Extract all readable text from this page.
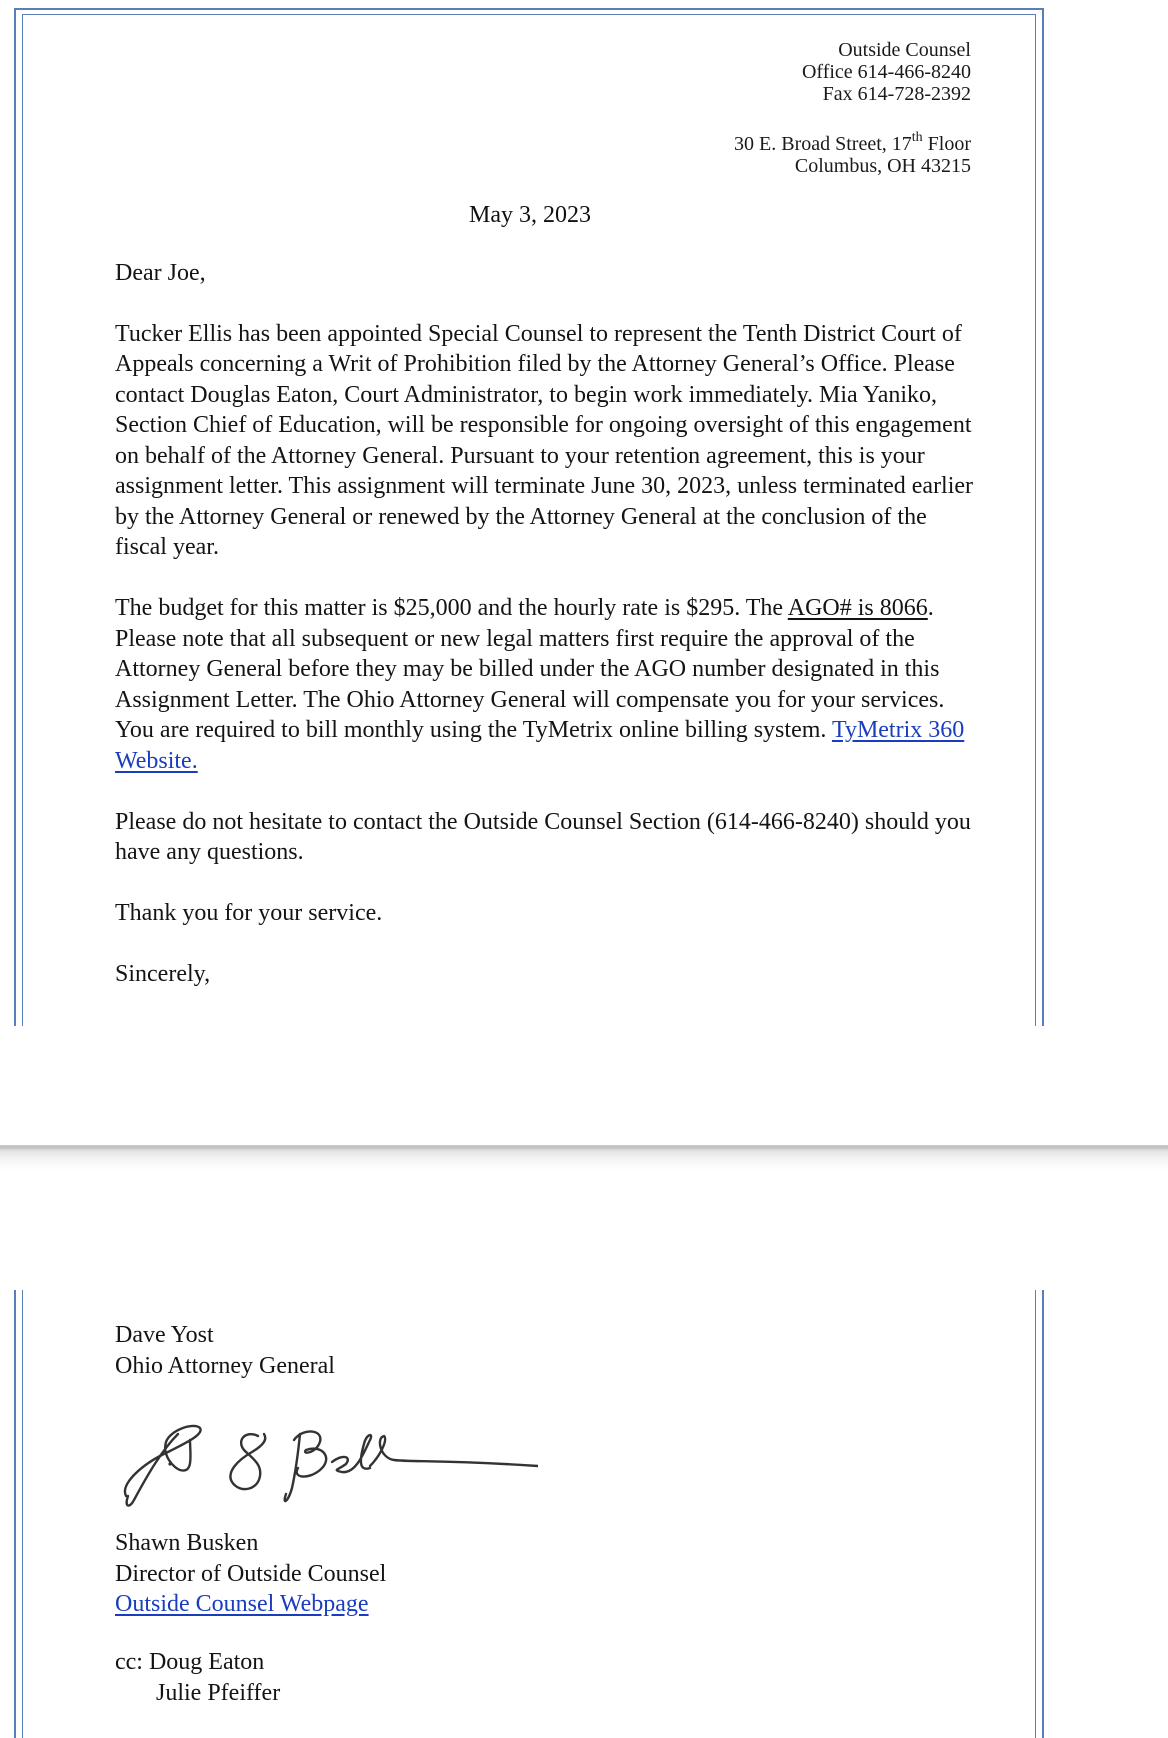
Outside Counsel
Office 614-466-8240
Fax 614-728-2392
30 E. Broad Street, 17th Floor
Columbus, OH 43215
May 3, 2023

Dear Joe,

Tucker Ellis has been appointed Special Counsel to represent the Tenth District Court of Appeals concerning a Writ of Prohibition filed by the Attorney General’s Office. Please contact Douglas Eaton, Court Administrator, to begin work immediately. Mia Yaniko, Section Chief of Education, will be responsible for ongoing oversight of this engagement on behalf of the Attorney General. Pursuant to your retention agreement, this is your assignment letter. This assignment will terminate June 30, 2023, unless terminated earlier by the Attorney General or renewed by the Attorney General at the conclusion of the fiscal year.

The budget for this matter is $25,000 and the hourly rate is $295. The AGO# is 8066. Please note that all subsequent or new legal matters first require the approval of the Attorney General before they may be billed under the AGO number designated in this Assignment Letter. The Ohio Attorney General will compensate you for your services. You are required to bill monthly using the TyMetrix online billing system. TyMetrix 360 Website.

Please do not hesitate to contact the Outside Counsel Section (614-466-8240) should you have any questions.

Thank you for your service.

Sincerely,

Dave Yost
Ohio Attorney General
Shawn Busken
Director of Outside Counsel
Outside Counsel Webpage
cc: Doug Eaton
Julie Pfeiffer
